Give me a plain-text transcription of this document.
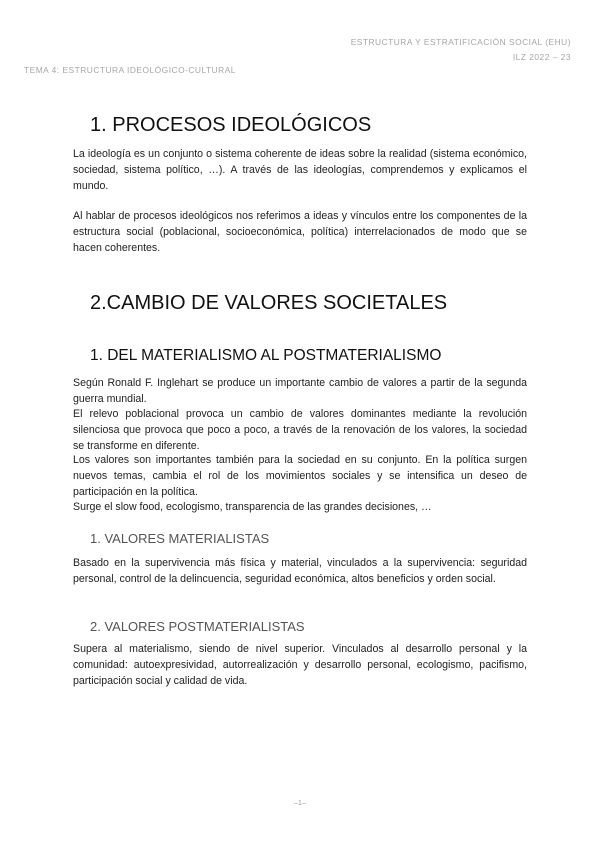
ESTRUCTURA Y ESTRATIFICACIÓN SOCIAL (EHU)
ILZ 2022 – 23
TEMA 4: ESTRUCTURA IDEOLÓGICO-CULTURAL
1. PROCESOS IDEOLÓGICOS

La ideología es un conjunto o sistema coherente de ideas sobre la realidad (sistema económico, sociedad, sistema político, …). A través de las ideologías, comprendemos y explicamos el mundo.

Al hablar de procesos ideológicos nos referimos a ideas y vínculos entre los componentes de la estructura social (poblacional, socioeconómica, política) interrelacionados de modo que se hacen coherentes.

2.CAMBIO DE VALORES SOCIETALES
1. DEL MATERIALISMO AL POSTMATERIALISMO

Según Ronald F. Inglehart se produce un importante cambio de valores a partir de la segunda guerra mundial.

El relevo poblacional provoca un cambio de valores dominantes mediante la revolución silenciosa que provoca que poco a poco, a través de la renovación de los valores, la sociedad se transforme en diferente.

Los valores son importantes también para la sociedad en su conjunto. En la política surgen nuevos temas, cambia el rol de los movimientos sociales y se intensifica un deseo de participación en la política.

Surge el slow food, ecologismo, transparencia de las grandes decisiones, …

1. VALORES MATERIALISTAS

Basado en la supervivencia más física y material, vinculados a la supervivencia: seguridad personal, control de la delincuencia, seguridad económica, altos beneficios y orden social.

2. VALORES POSTMATERIALISTAS

Supera al materialismo, siendo de nivel superior. Vinculados al desarrollo personal y la comunidad: autoexpresividad, autorrealización y desarrollo personal, ecologismo, pacifismo, participación social y calidad de vida.

–1–
